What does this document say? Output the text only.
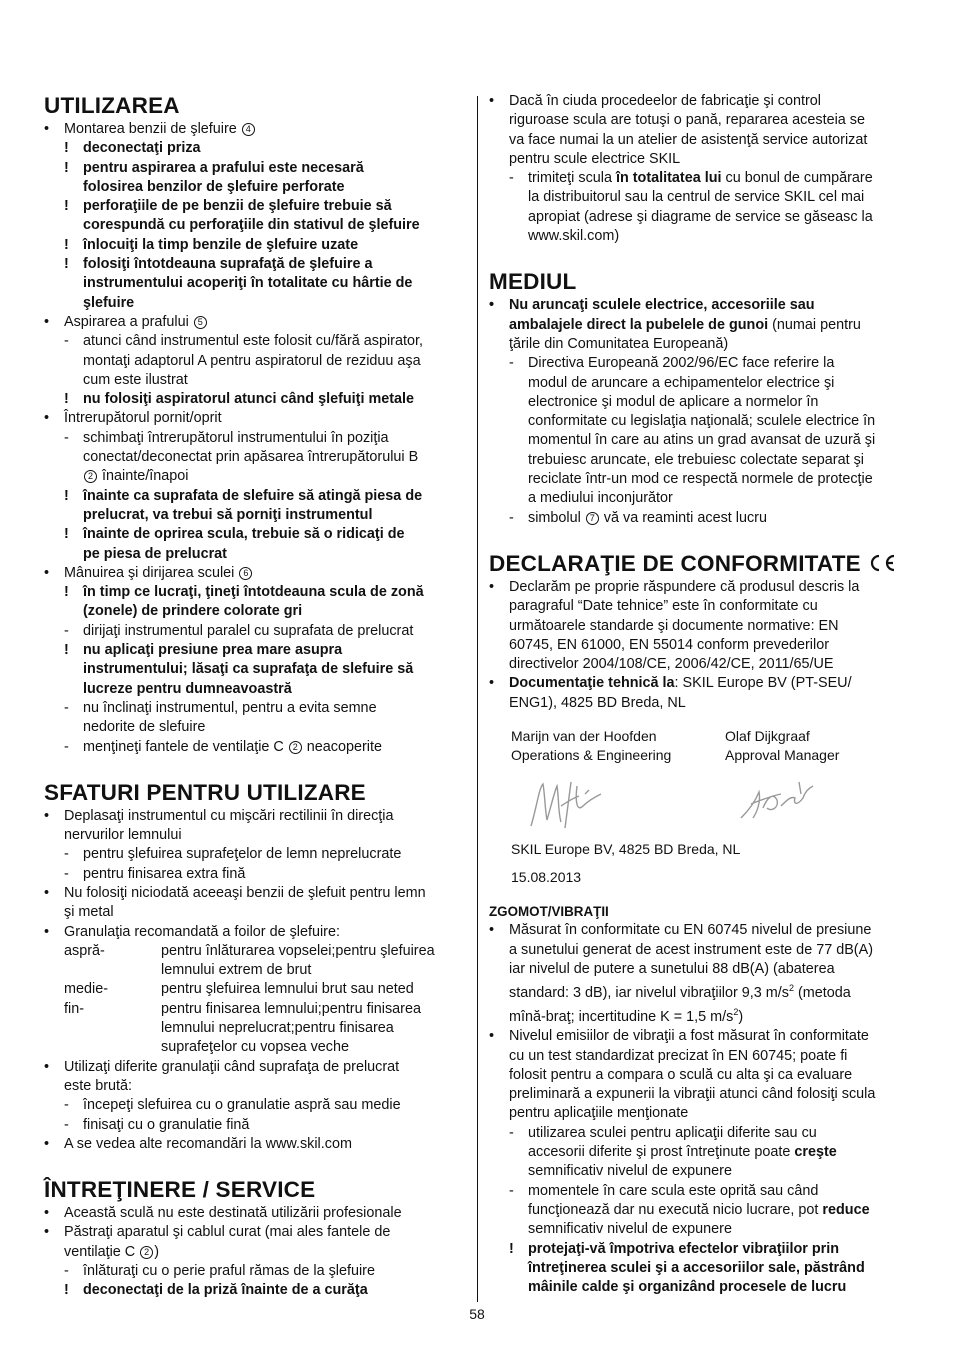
UTILIZAREA
• Montarea benzii de şlefuire 4
! deconectaţi priza
! pentru aspirarea a prafului este necesară
folosirea benzilor de şlefuire perforate
! perforaţiile de pe benzii de şlefuire trebuie să
corespundă cu perforaţiile din stativul de şlefuire
! înlocuiţi la timp benzile de şlefuire uzate
! folosiţi întotdeauna suprafaţă de şlefuire a
instrumentului acoperiţi în totalitate cu hârtie de
şlefuire
• Aspirarea a prafului 5
- atunci când instrumentul este folosit cu/fără aspirator,
montaţi adaptorul A pentru aspiratorul de reziduu aşa
cum este ilustrat
! nu folosiţi aspiratorul atunci când şlefuiţi metale
• Întrerupătorul pornit/oprit
- schimbaţi întrerupătorul instrumentului în poziţia
conectat/deconectat prin apăsarea întrerupătorului B
2 înainte/înapoi
! înainte ca suprafata de slefuire să atingă piesa de
prelucrat, va trebui să porniţi instrumentul
! înainte de oprirea scula, trebuie să o ridicaţi de
pe piesa de prelucrat
• Mânuirea şi dirijarea sculei 6
! în timp ce lucraţi, ţineţi întotdeauna scula de zonă
(zonele) de prindere colorate gri
- dirijaţi instrumentul paralel cu suprafata de prelucrat
! nu aplicaţi presiune prea mare asupra
instrumentului; lăsaţi ca suprafaţa de slefuire să
lucreze pentru dumneavoastră
- nu înclinaţi instrumentul, pentru a evita semne
nedorite de slefuire
- menţineţi fantele de ventilaţie C 2 neacoperite
SFATURI PENTRU UTILIZARE
• Deplasaţi instrumentul cu mişcări rectilinii în direcţia
nervurilor lemnului
- pentru şlefuirea suprafeţelor de lemn neprelucrate
- pentru finisarea extra fină
• Nu folosiţi niciodată aceeaşi benzii de şlefuit pentru lemn
şi metal
• Granulaţia recomandată a foilor de şlefuire:
aspră-	pentru înlăturarea vopselei;pentru şlefuirea
lemnului extrem de brut
medie-	pentru şlefuirea lemnului brut sau neted
fin-	pentru finisarea lemnului;pentru finisarea
lemnului neprelucrat;pentru finisarea
suprafeţelor cu vopsea veche
• Utilizaţi diferite granulaţii când suprafaţa de prelucrat
este brută:
- începeţi slefuirea cu o granulatie aspră sau medie
- finisaţi cu o granulatie fină
• A se vedea alte recomandări la www.skil.com
ÎNTREŢINERE / SERVICE
• Această sculă nu este destinată utilizării profesionale
• Păstraţi aparatul şi cablul curat (mai ales fantele de
ventilaţie C 2 )
- înlăturaţi cu o perie praful rămas de la şlefuire
! deconectaţi de la priză înainte de a curăţa
• Dacă în ciuda procedeelor de fabricaţie şi control
riguroase scula are totuşi o pană, repararea acesteia se
va face numai la un atelier de asistenţă service autorizat
pentru scule electrice SKIL
- trimiteţi scula în totalitatea lui cu bonul de cumpărare
la distribuitorul sau la centrul de service SKIL cel mai
apropiat (adrese şi diagrame de service se găseasc la
www.skil.com)
MEDIUL
• Nu aruncaţi sculele electrice, accesoriile sau
ambalajele direct la pubelele de gunoi (numai pentru
ţările din Comunitatea Europeană)
- Directiva Europeană 2002/96/EC face referire la
modul de aruncare a echipamentelor electrice şi
electronice şi modul de aplicare a normelor în
conformitate cu legislaţia naţională; sculele electrice în
momentul în care au atins un grad avansat de uzură şi
trebuiesc aruncate, ele trebuiesc colectate separat şi
reciclate într-un mod ce respectă normele de protecţie
a mediului inconjurător
- simbolul 7 vă va reaminti acest lucru
DECLARAŢIE DE CONFORMITATE
• Declarăm pe proprie răspundere că produsul descris la
paragraful “Date tehnice” este în conformitate cu
următoarele standarde şi documente normative: EN
60745, EN 61000, EN 55014 conform prevederilor
directivelor 2004/108/CE, 2006/42/CE, 2011/65/UE
• Documentaţie tehnică la: SKIL Europe BV (PT-SEU/
ENG1), 4825 BD Breda, NL
Marijn van der Hoofden	Olaf Dijkgraaf
Operations & Engineering	Approval Manager
SKIL Europe BV, 4825 BD Breda, NL
15.08.2013
ZGOMOT/VIBRAŢII
• Măsurat în conformitate cu EN 60745 nivelul de presiune
a sunetului generat de acest instrument este de 77 dB(A)
iar nivelul de putere a sunetului 88 dB(A) (abaterea
standard: 3 dB), iar nivelul vibraţiilor 9,3 $m/s^2$ (metoda
mînă-braţ; incertitudine K = 1,5 $m/s^2$)
• Nivelul emisiilor de vibraţii a fost măsurat în conformitate
cu un test standardizat precizat în EN 60745; poate fi
folosit pentru a compara o sculă cu alta şi ca evaluare
preliminară a expunerii la vibraţii atunci când folosiţi scula
pentru aplicaţiile menţionate
- utilizarea sculei pentru aplicaţii diferite sau cu
accesorii diferite şi prost întreţinute poate creşte
semnificativ nivelul de expunere
- momentele în care scula este oprită sau când
funcţionează dar nu execută nicio lucrare, pot reduce
semnificativ nivelul de expunere
! protejaţi-vă împotriva efectelor vibraţiilor prin
întreţinerea sculei şi a accesoriilor sale, păstrând
mâinile calde şi organizând procesele de lucru
58
